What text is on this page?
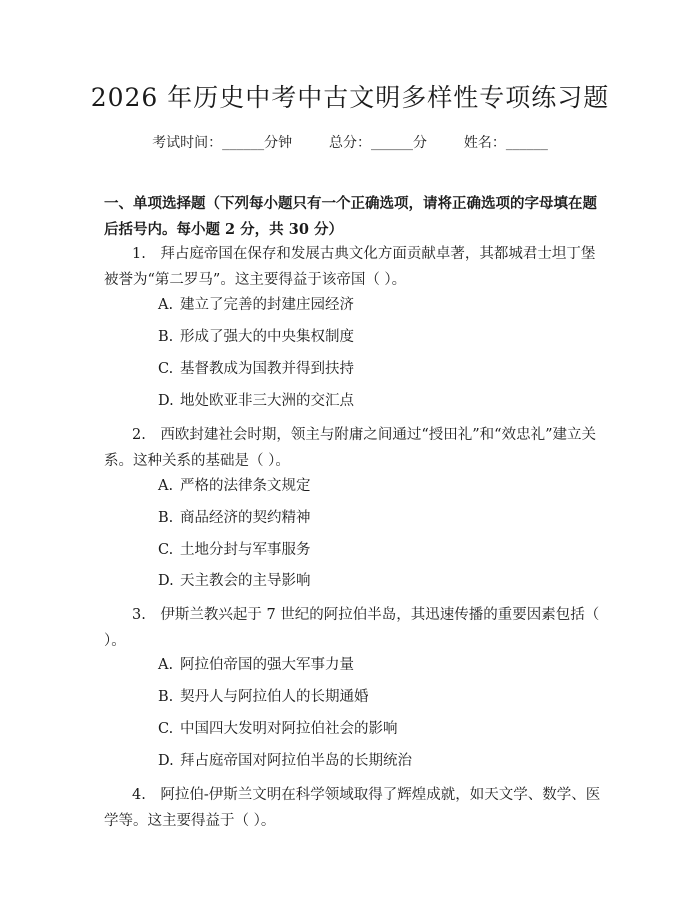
2026 年历史中考中古文明多样性专项练习题
考试时间：______分钟	总分：______分	姓名：______
一、单项选择题（下列每小题只有一个正确选项，请将正确选项的字母填在题后括号内。每小题 2 分，共 30 分）
1.　拜占庭帝国在保存和发展古典文化方面贡献卓著，其都城君士坦丁堡被誉为“第二罗马”。这主要得益于该帝国（ ）。
A. 建立了完善的封建庄园经济
B. 形成了强大的中央集权制度
C. 基督教成为国教并得到扶持
D. 地处欧亚非三大洲的交汇点
2.　西欧封建社会时期，领主与附庸之间通过“授田礼”和“效忠礼”建立关系。这种关系的基础是（ ）。
A. 严格的法律条文规定
B. 商品经济的契约精神
C. 土地分封与军事服务
D. 天主教会的主导影响
3.　伊斯兰教兴起于 7 世纪的阿拉伯半岛，其迅速传播的重要因素包括（ ）。
A. 阿拉伯帝国的强大军事力量
B. 契丹人与阿拉伯人的长期通婚
C. 中国四大发明对阿拉伯社会的影响
D. 拜占庭帝国对阿拉伯半岛的长期统治
4.　阿拉伯-伊斯兰文明在科学领域取得了辉煌成就，如天文学、数学、医学等。这主要得益于（ ）。
